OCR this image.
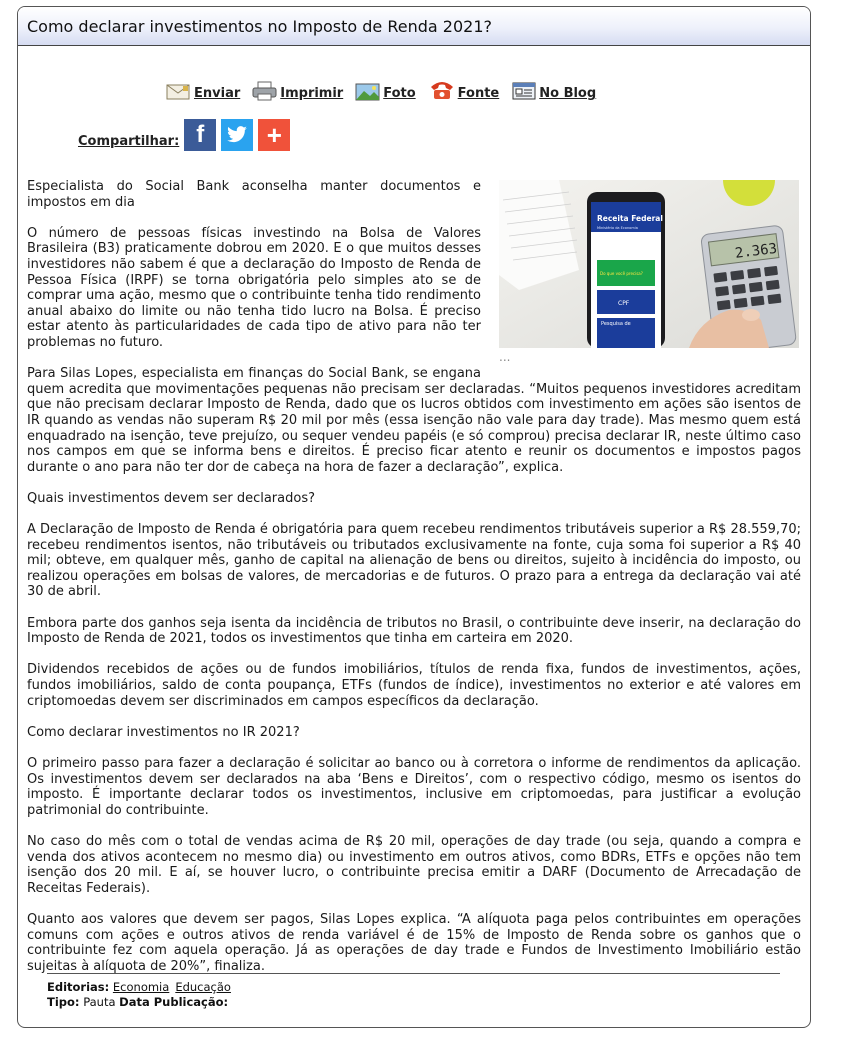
Como declarar investimentos no Imposto de Renda 2021?
Enviar	Imprimir	Foto	Fonte	No Blog
Compartilhar: f +
Receita Federal
Ministério da Economia
Do que você precisa?
CPF
Pesquisa de
2.363
...

Especialista do Social Bank aconselha manter documentos e impostos em dia

O número de pessoas físicas investindo na Bolsa de Valores Brasileira (B3) praticamente dobrou em 2020. E o que muitos desses investidores não sabem é que a declaração do Imposto de Renda de Pessoa Física (IRPF) se torna obrigatória pelo simples ato se de comprar uma ação, mesmo que o contribuinte tenha tido rendimento anual abaixo do limite ou não tenha tido lucro na Bolsa. É preciso estar atento às particularidades de cada tipo de ativo para não ter problemas no futuro.

Para Silas Lopes, especialista em finanças do Social Bank, se engana quem acredita que movimentações pequenas não precisam ser declaradas. “Muitos pequenos investidores acreditam que não precisam declarar Imposto de Renda, dado que os lucros obtidos com investimento em ações são isentos de IR quando as vendas não superam R$ 20 mil por mês (essa isenção não vale para day trade). Mas mesmo quem está enquadrado na isenção, teve prejuízo, ou sequer vendeu papéis (e só comprou) precisa declarar IR, neste último caso nos campos em que se informa bens e direitos. É preciso ficar atento e reunir os documentos e impostos pagos durante o ano para não ter dor de cabeça na hora de fazer a declaração”, explica.

Quais investimentos devem ser declarados?

A Declaração de Imposto de Renda é obrigatória para quem recebeu rendimentos tributáveis superior a R$ 28.559,70; recebeu rendimentos isentos, não tributáveis ou tributados exclusivamente na fonte, cuja soma foi superior a R$ 40 mil; obteve, em qualquer mês, ganho de capital na alienação de bens ou direitos, sujeito à incidência do imposto, ou realizou operações em bolsas de valores, de mercadorias e de futuros. O prazo para a entrega da declaração vai até 30 de abril.

Embora parte dos ganhos seja isenta da incidência de tributos no Brasil, o contribuinte deve inserir, na declaração do Imposto de Renda de 2021, todos os investimentos que tinha em carteira em 2020.

Dividendos recebidos de ações ou de fundos imobiliários, títulos de renda fixa, fundos de investimentos, ações, fundos imobiliários, saldo de conta poupança, ETFs (fundos de índice), investimentos no exterior e até valores em criptomoedas devem ser discriminados em campos específicos da declaração.

Como declarar investimentos no IR 2021?

O primeiro passo para fazer a declaração é solicitar ao banco ou à corretora o informe de rendimentos da aplicação. Os investimentos devem ser declarados na aba ‘Bens e Direitos’, com o respectivo código, mesmo os isentos do imposto. É importante declarar todos os investimentos, inclusive em criptomoedas, para justificar a evolução patrimonial do contribuinte.

No caso do mês com o total de vendas acima de R$ 20 mil, operações de day trade (ou seja, quando a compra e venda dos ativos acontecem no mesmo dia) ou investimento em outros ativos, como BDRs, ETFs e opções não tem isenção dos 20 mil. E aí, se houver lucro, o contribuinte precisa emitir a DARF (Documento de Arrecadação de Receitas Federais).

Quanto aos valores que devem ser pagos, Silas Lopes explica. “A alíquota paga pelos contribuintes em operações comuns com ações e outros ativos de renda variável é de 15% de Imposto de Renda sobre os ganhos que o contribuinte fez com aquela operação. Já as operações de day trade e Fundos de Investimento Imobiliário estão sujeitas à alíquota de 20%”, finaliza.

Editorias: Economia Educação
Tipo: Pauta Data Publicação:
